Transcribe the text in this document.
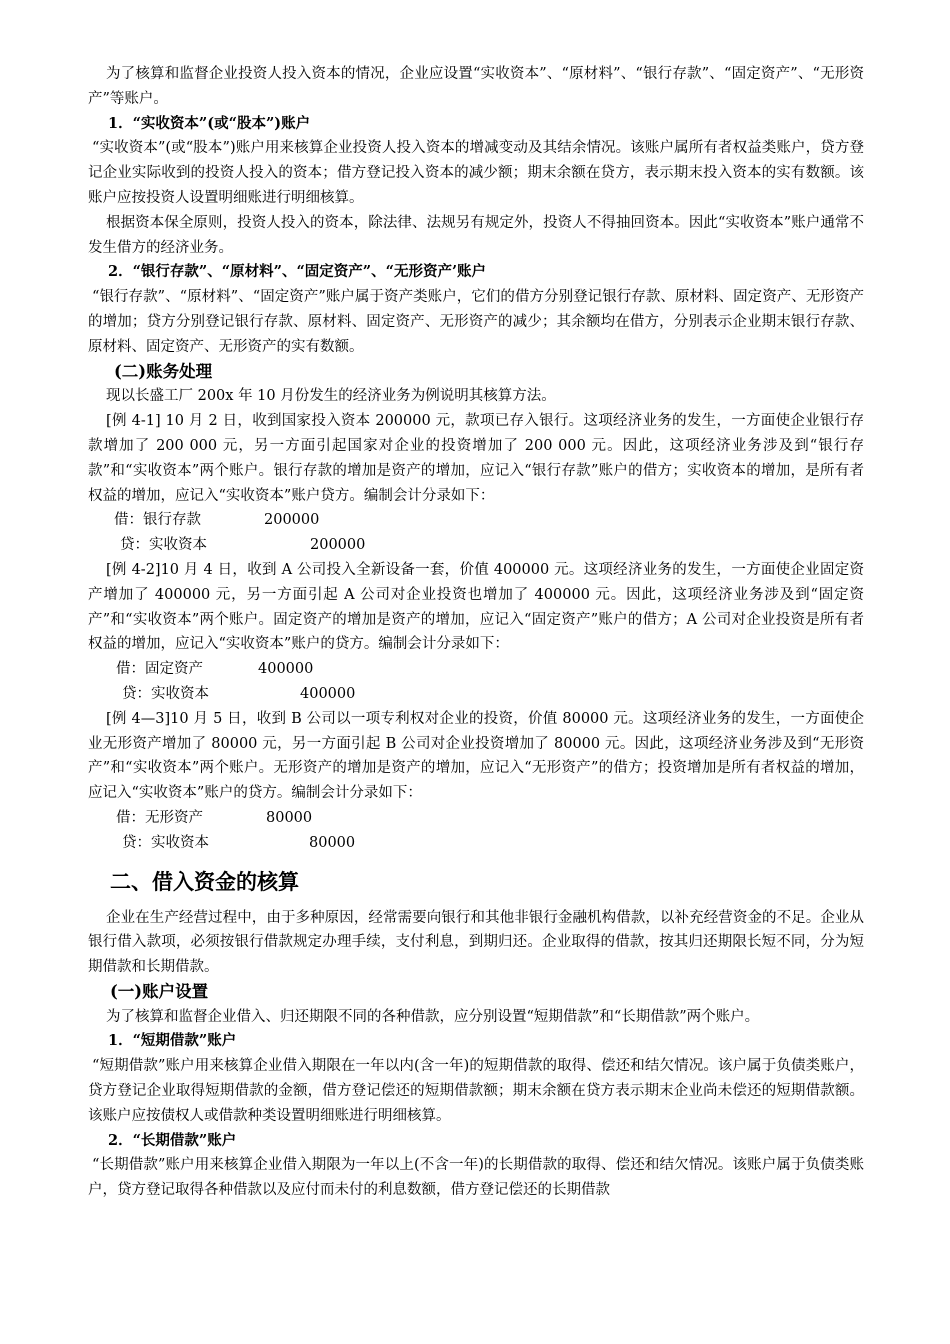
为了核算和监督企业投资人投入资本的情况，企业应设置“实收资本”、“原材料”、“银行存款”、“固定资产”、“无形资产”等账户。

1．“实收资本”(或“股本”)账户

“实收资本”(或“股本”)账户用来核算企业投资人投入资本的增减变动及其结余情况。该账户属所有者权益类账户，贷方登记企业实际收到的投资人投入的资本；借方登记投入资本的减少额；期末余额在贷方，表示期末投入资本的实有数额。该账户应按投资人设置明细账进行明细核算。

根据资本保全原则，投资人投入的资本，除法律、法规另有规定外，投资人不得抽回资本。因此“实收资本”账户通常不发生借方的经济业务。

2．“银行存款”、“原材料”、“固定资产”、“无形资产’账户

“银行存款”、“原材料”、“固定资产”账户属于资产类账户，它们的借方分别登记银行存款、原材料、固定资产、无形资产的增加；贷方分别登记银行存款、原材料、固定资产、无形资产的减少；其余额均在借方，分别表示企业期末银行存款、原材料、固定资产、无形资产的实有数额。

(二)账务处理

现以长盛工厂 200x 年 10 月份发生的经济业务为例说明其核算方法。

[例 4-1] 10 月 2 日，收到国家投入资本 200000 元，款项已存入银行。这项经济业务的发生，一方面使企业银行存款增加了 200 000 元，另一方面引起国家对企业的投资增加了 200 000 元。因此，这项经济业务涉及到“银行存款”和“实收资本”两个账户。银行存款的增加是资产的增加，应记入“银行存款”账户的借方；实收资本的增加，是所有者权益的增加，应记入“实收资本”账户贷方。编制会计分录如下：

借：银行存款	200000
贷：实收资本	200000

[例 4-2]10 月 4 日，收到 A 公司投入全新设备一套，价值 400000 元。这项经济业务的发生，一方面使企业固定资产增加了 400000 元，另一方面引起 A 公司对企业投资也增加了 400000 元。因此，这项经济业务涉及到“固定资产”和“实收资本”两个账户。固定资产的增加是资产的增加，应记入“固定资产”账户的借方；A 公司对企业投资是所有者权益的增加，应记入“实收资本”账户的贷方。编制会计分录如下：

借：固定资产	400000
贷：实收资本	400000

[例 4—3]10 月 5 日，收到 B 公司以一项专利权对企业的投资，价值 80000 元。这项经济业务的发生，一方面使企业无形资产增加了 80000 元，另一方面引起 B 公司对企业投资增加了 80000 元。因此，这项经济业务涉及到“无形资产”和“实收资本”两个账户。无形资产的增加是资产的增加，应记入“无形资产”的借方；投资增加是所有者权益的增加，应记入“实收资本”账户的贷方。编制会计分录如下：

借：无形资产	80000
贷：实收资本	80000
二、借入资金的核算

企业在生产经营过程中，由于多种原因，经常需要向银行和其他非银行金融机构借款，以补充经营资金的不足。企业从银行借入款项，必须按银行借款规定办理手续，支付利息，到期归还。企业取得的借款，按其归还期限长短不同，分为短期借款和长期借款。

(一)账户设置

为了核算和监督企业借入、归还期限不同的各种借款，应分别设置“短期借款”和“长期借款”两个账户。

1．“短期借款”账户

“短期借款”账户用来核算企业借入期限在一年以内(含一年)的短期借款的取得、偿还和结欠情况。该户属于负债类账户，贷方登记企业取得短期借款的金额，借方登记偿还的短期借款额；期末余额在贷方表示期末企业尚未偿还的短期借款额。该账户应按债权人或借款种类设置明细账进行明细核算。

2．“长期借款”账户

“长期借款”账户用来核算企业借入期限为一年以上(不含一年)的长期借款的取得、偿还和结欠情况。该账户属于负债类账户，贷方登记取得各种借款以及应付而未付的利息数额，借方登记偿还的长期借款
